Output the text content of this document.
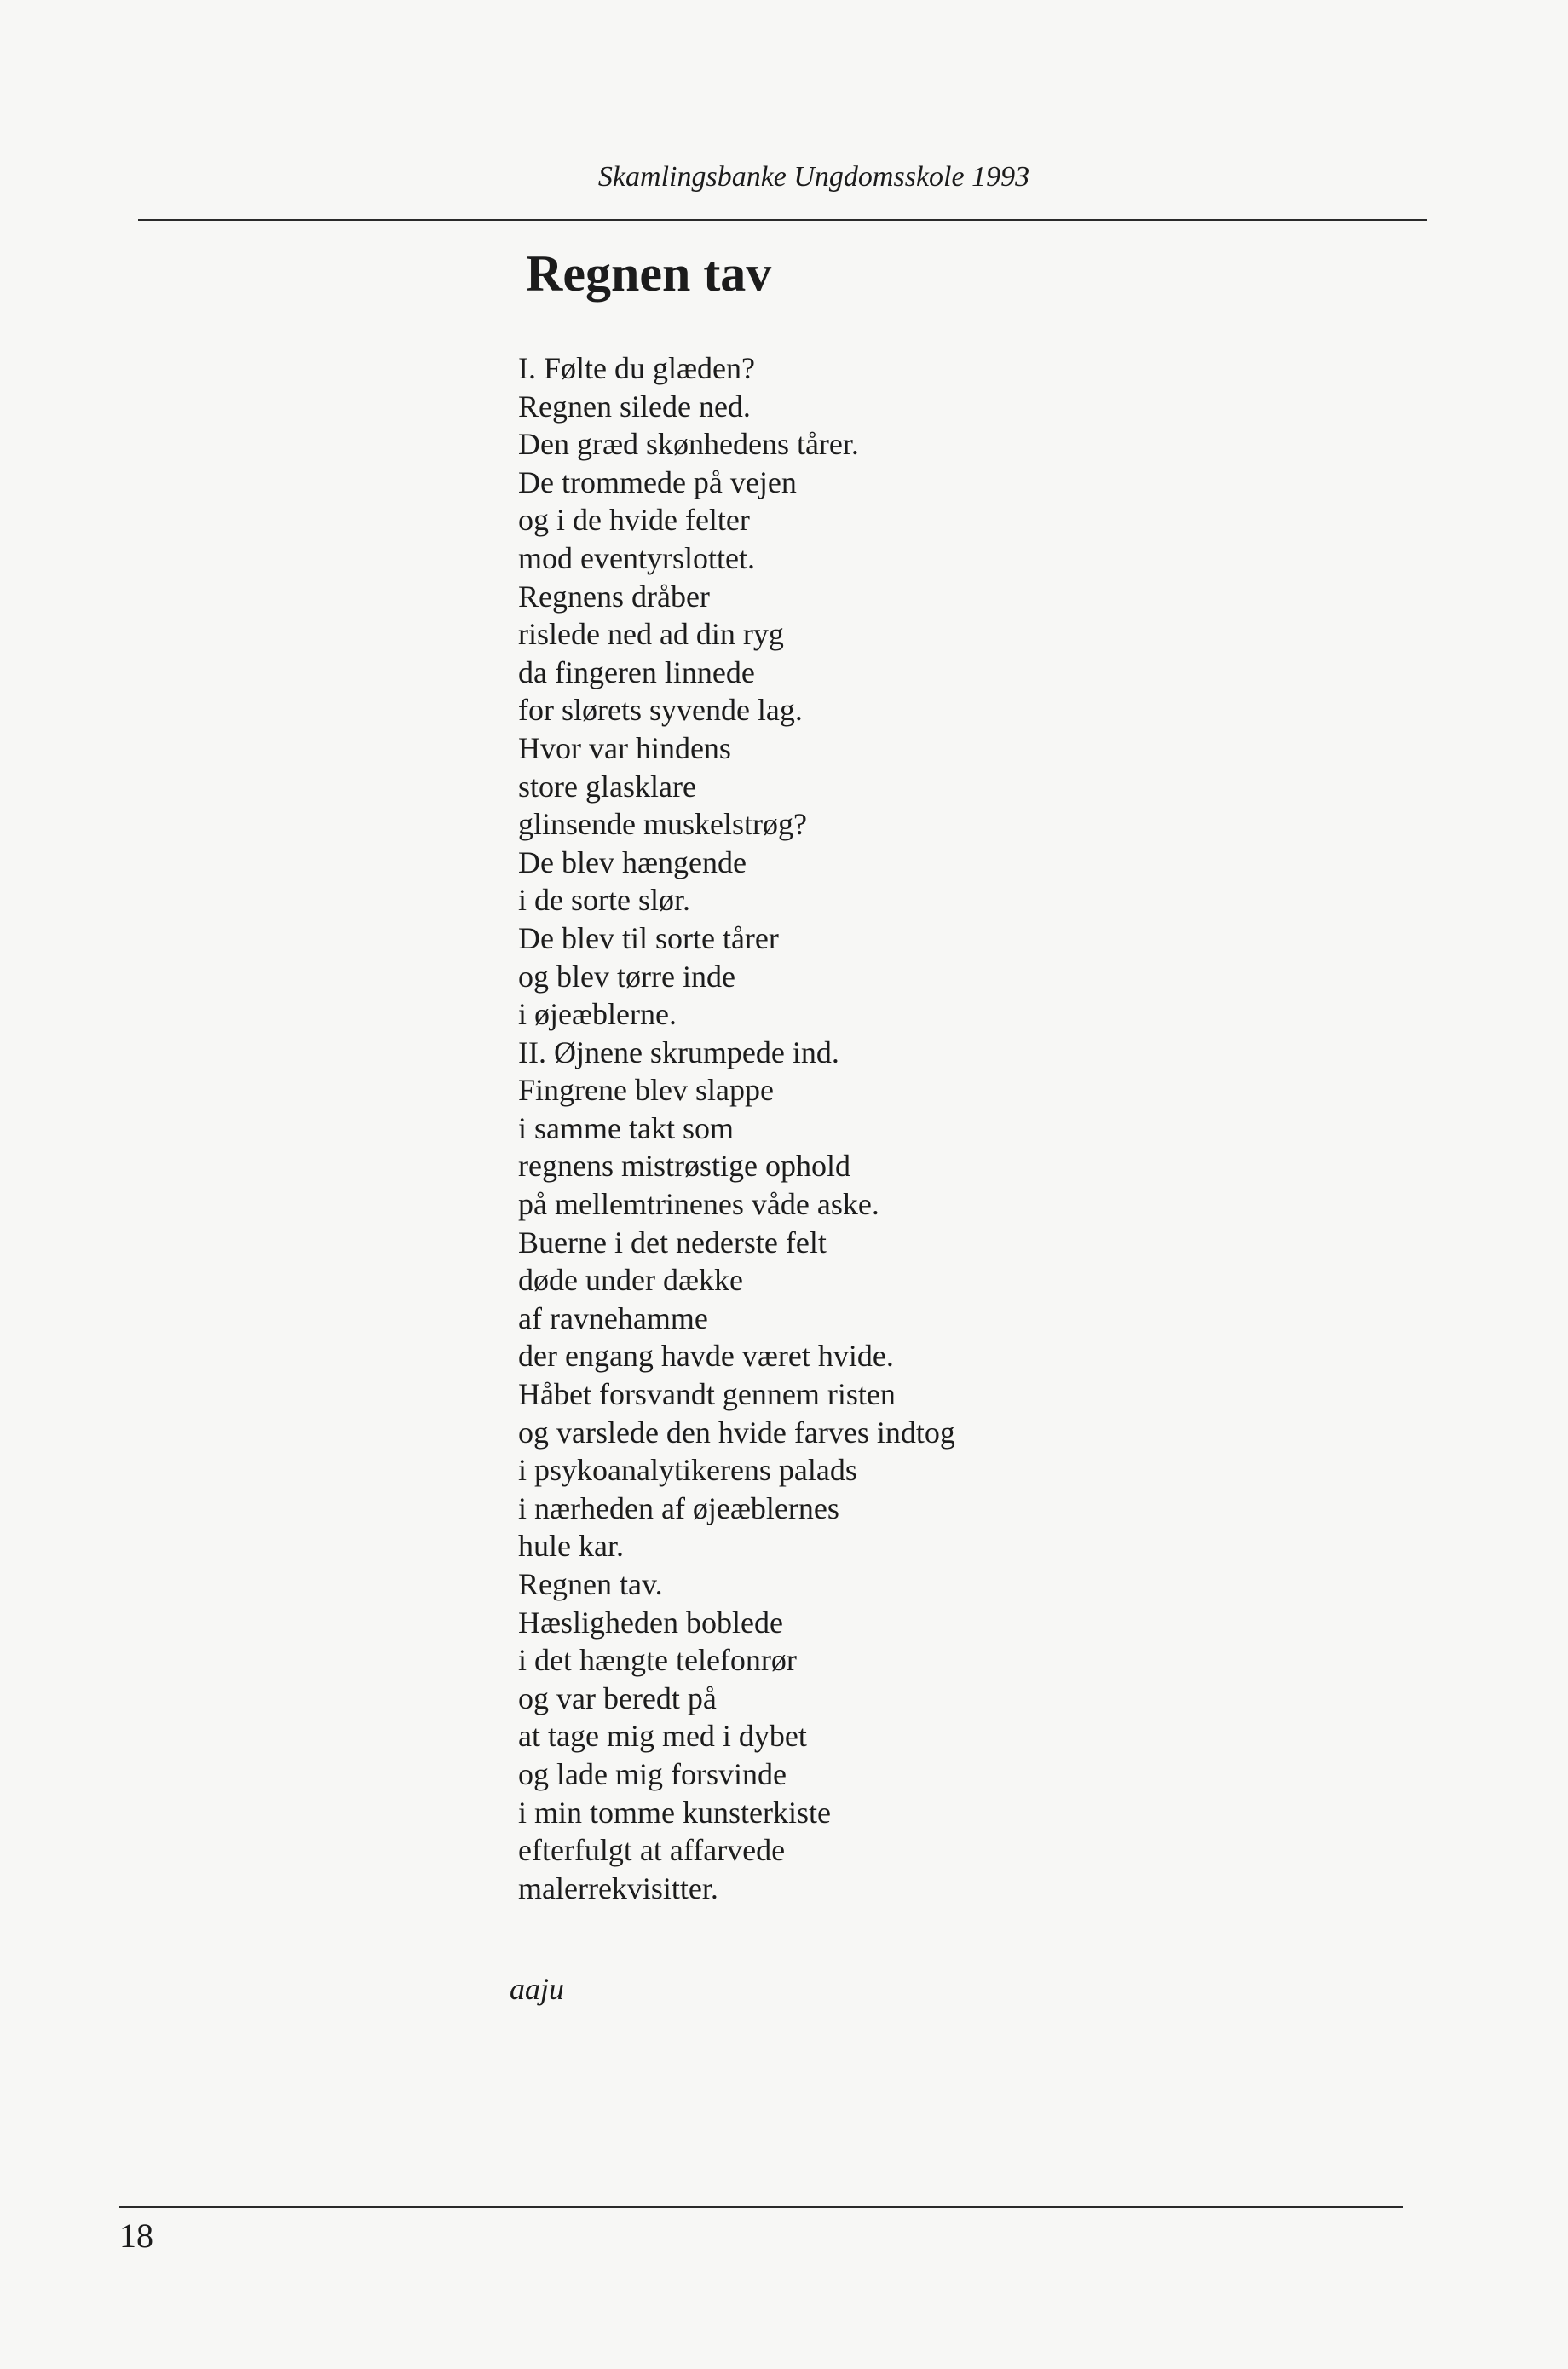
Skamlingsbanke Ungdomsskole 1993
Regnen tav
I. Følte du glæden?
Regnen silede ned.
Den græd skønhedens tårer.
De trommede på vejen
og i de hvide felter
mod eventyrslottet.
Regnens dråber
rislede ned ad din ryg
da fingeren linnede
for slørets syvende lag.
Hvor var hindens
store glasklare
glinsende muskelstrøg?
De blev hængende
i de sorte slør.
De blev til sorte tårer
og blev tørre inde
i øjeæblerne.
II. Øjnene skrumpede ind.
Fingrene blev slappe
i samme takt som
regnens mistrøstige ophold
på mellemtrinenes våde aske.
Buerne i det nederste felt
døde under dække
af ravnehamme
der engang havde været hvide.
Håbet forsvandt gennem risten
og varslede den hvide farves indtog
i psykoanalytikerens palads
i nærheden af øjeæblernes
hule kar.
Regnen tav.
Hæsligheden boblede
i det hængte telefonrør
og var beredt på
at tage mig med i dybet
og lade mig forsvinde
i min tomme kunsterkiste
efterfulgt at affarvede
malerrekvisitter.
aaju
18
